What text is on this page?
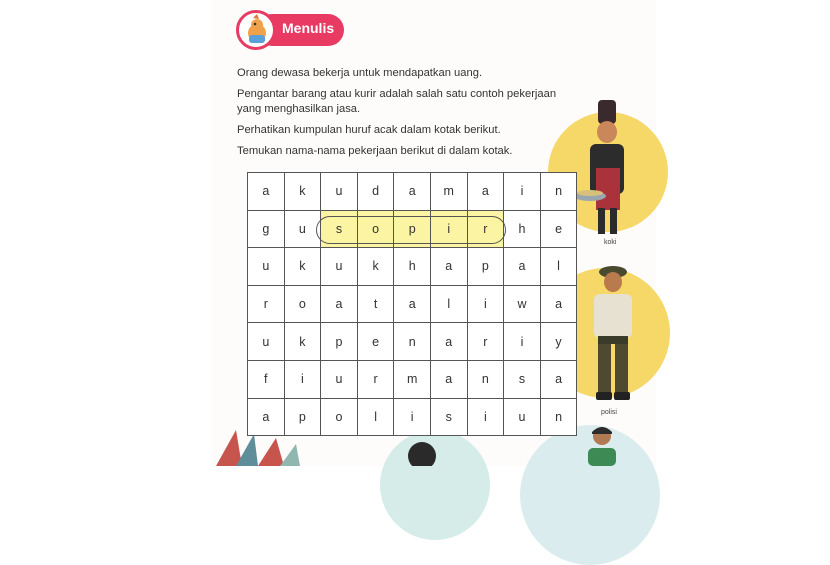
Menulis
Orang dewasa bekerja untuk mendapatkan uang.
Pengantar barang atau kurir adalah salah satu contoh pekerjaan
yang menghasilkan jasa.
Perhatikan kumpulan huruf acak dalam kotak berikut.
Temukan nama-nama pekerjaan berikut di dalam kotak.
koki
polisi
a	k	u	d	a	m	a	i	n
g	u	s	o	p	i	r	h	e
u	k	u	k	h	a	p	a	l
r	o	a	t	a	l	i	w	a
u	k	p	e	n	a	r	i	y
f	i	u	r	m	a	n	s	a
a	p	o	l	i	s	i	u	n
